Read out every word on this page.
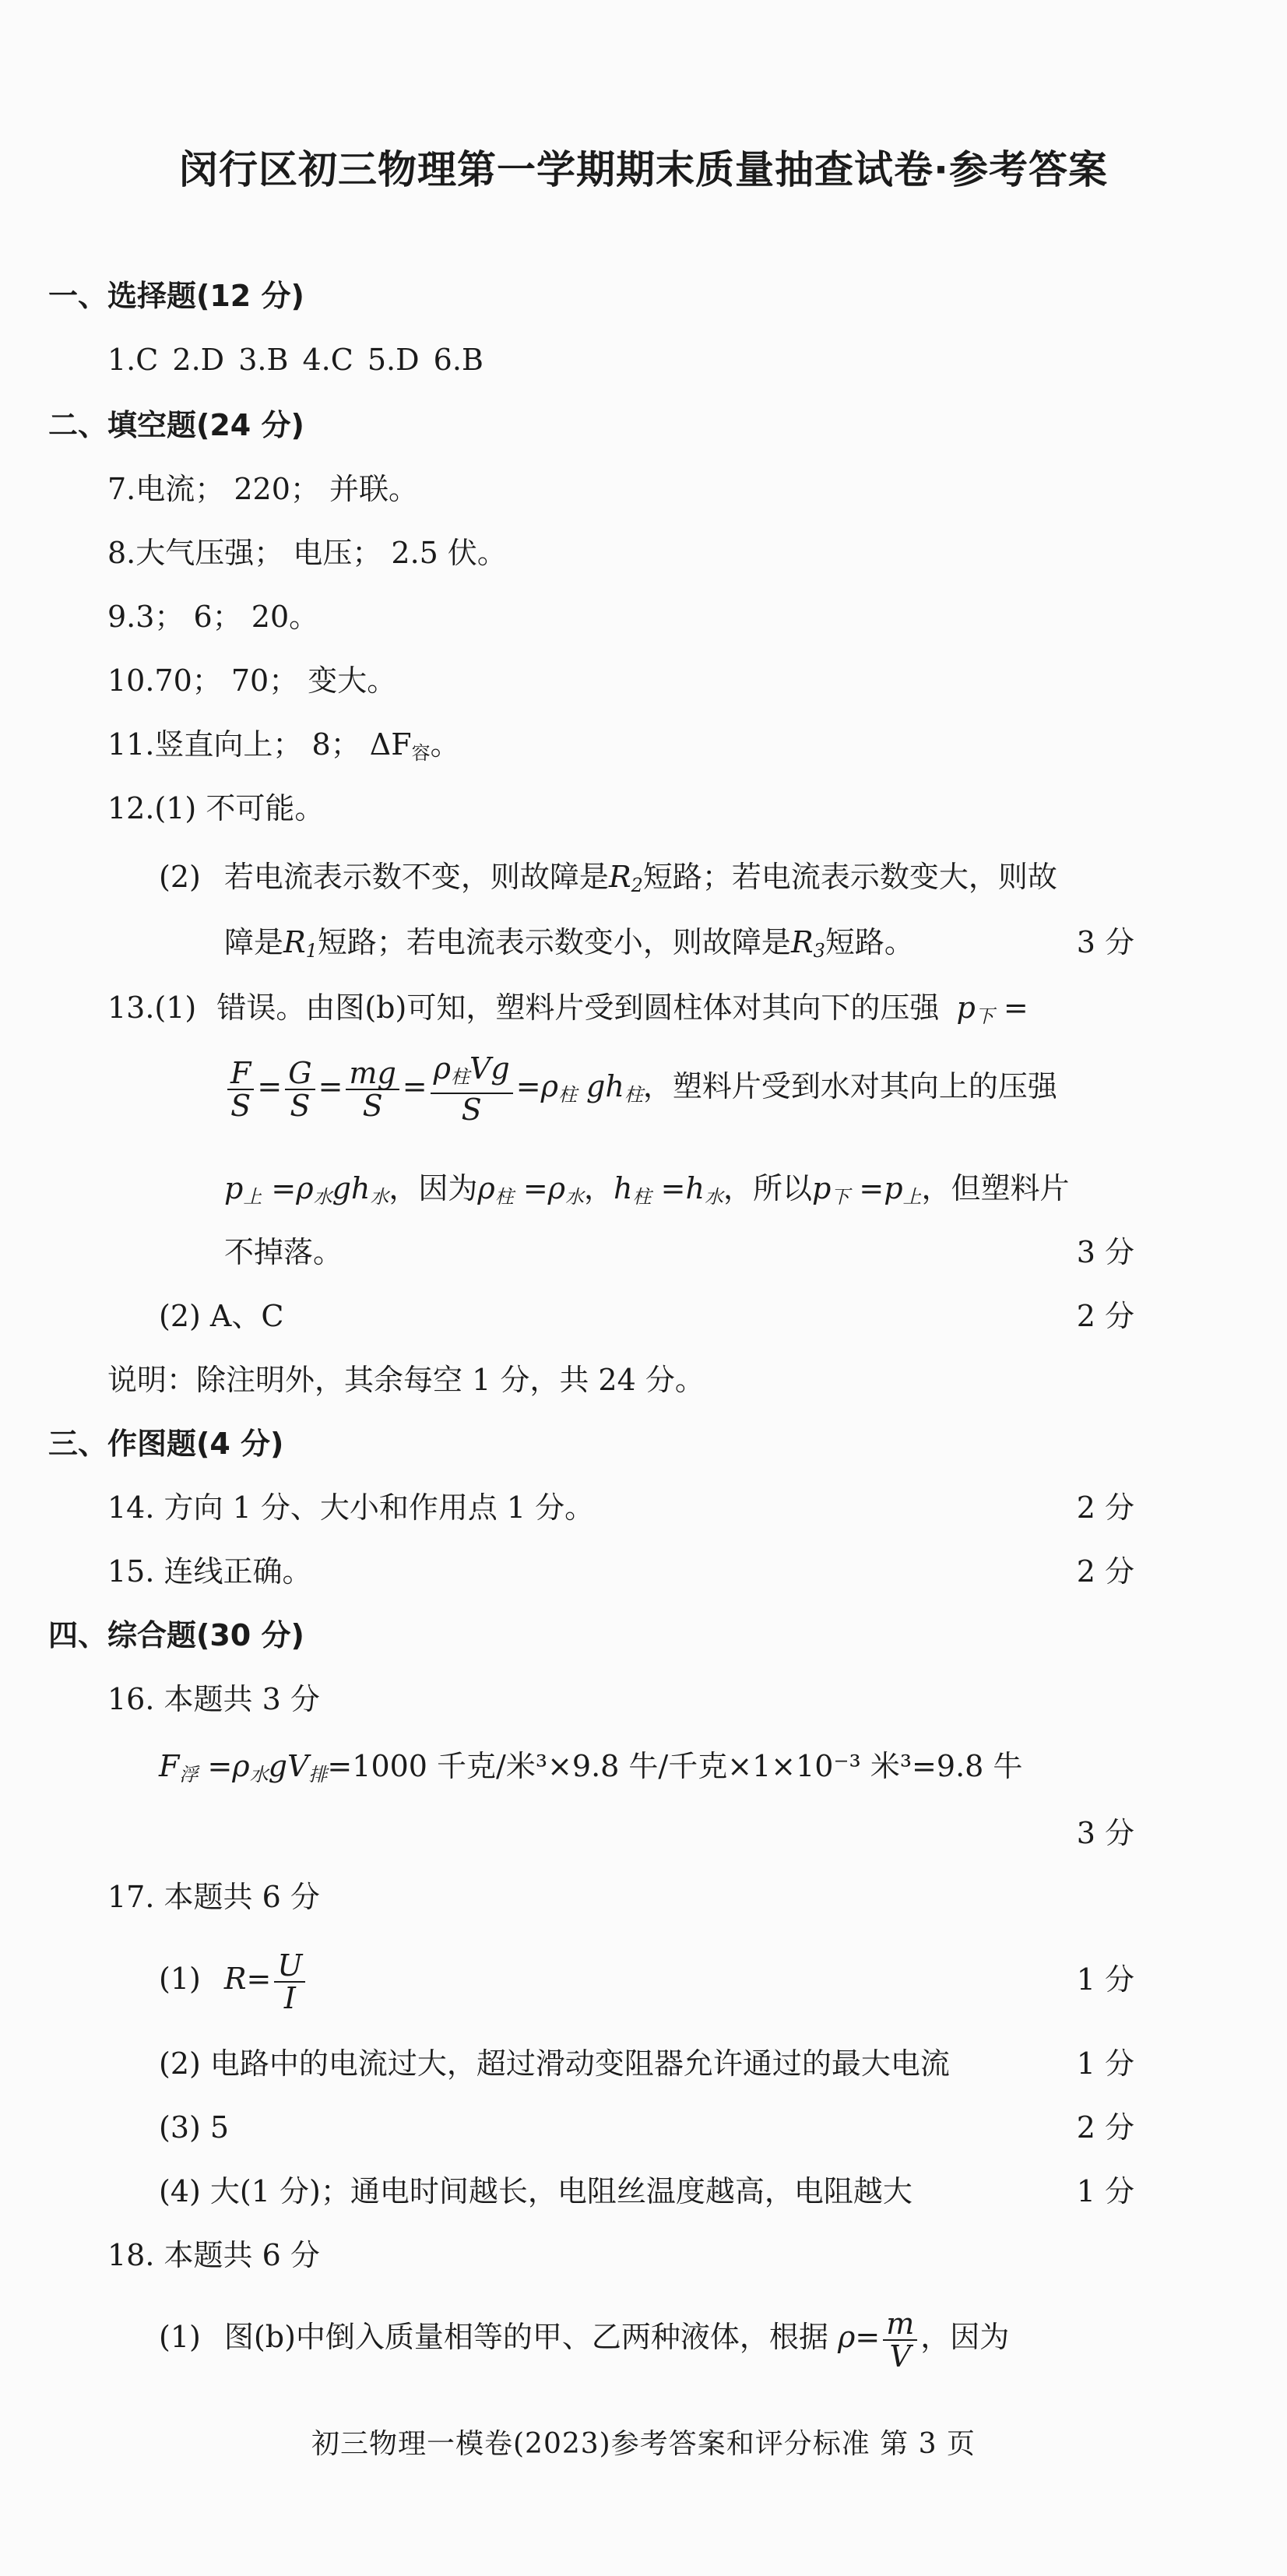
闵行区初三物理第一学期期末质量抽查试卷·参考答案
一、选择题(12 分)
1.C 2.D 3.B 4.C 5.D 6.B
二、填空题(24 分)
7.电流； 220； 并联。
8.大气压强； 电压； 2.5 伏。
9.3； 6； 20。
10.70； 70； 变大。
11.竖直向上； 8； $\Delta F_容$。
12.(1) 不可能。
(2) 若电流表示数不变，则故障是$R_2$短路；若电流表示数变大，则故
障是$R_1$短路；若电流表示数变小，则故障是$R_3$短路。	3 分
13.(1) 错误。由图(b)可知，塑料片受到圆柱体对其向下的压强 $p_下$ =
$\frac{F}{S} = \frac{G}{S} = \frac{mg}{S} = \frac{\rho_柱Vg}{S} =\rho_柱$ $gh_柱$，塑料片受到水对其向上的压强
$p_上 =\rho_水gh_水$，因为$\rho_柱 =\rho_水$，$h_柱 =h_水$，所以$p_下 =p_上$，但塑料片
不掉落。	3 分
(2) A、C	2 分
说明：除注明外，其余每空 1 分，共 24 分。
三、作图题(4 分)
14. 方向 1 分、大小和作用点 1 分。	2 分
15. 连线正确。	2 分
四、综合题(30 分)
16. 本题共 3 分
$F_浮 =\rho_水gV_排=1000$ 千克/米³×9.8 牛/千克×1×10⁻³ 米³=9.8 牛
3 分
17. 本题共 6 分
(1) $R= \frac{U}{I}$	1 分
(2) 电路中的电流过大，超过滑动变阻器允许通过的最大电流	1 分
(3) 5	2 分
(4) 大(1 分)；通电时间越长，电阻丝温度越高，电阻越大	1 分
18. 本题共 6 分
(1) 图(b)中倒入质量相等的甲、乙两种液体，根据 $\rho= \frac{m}{V}$ ，因为
初三物理一模卷(2023)参考答案和评分标准 第 3 页
